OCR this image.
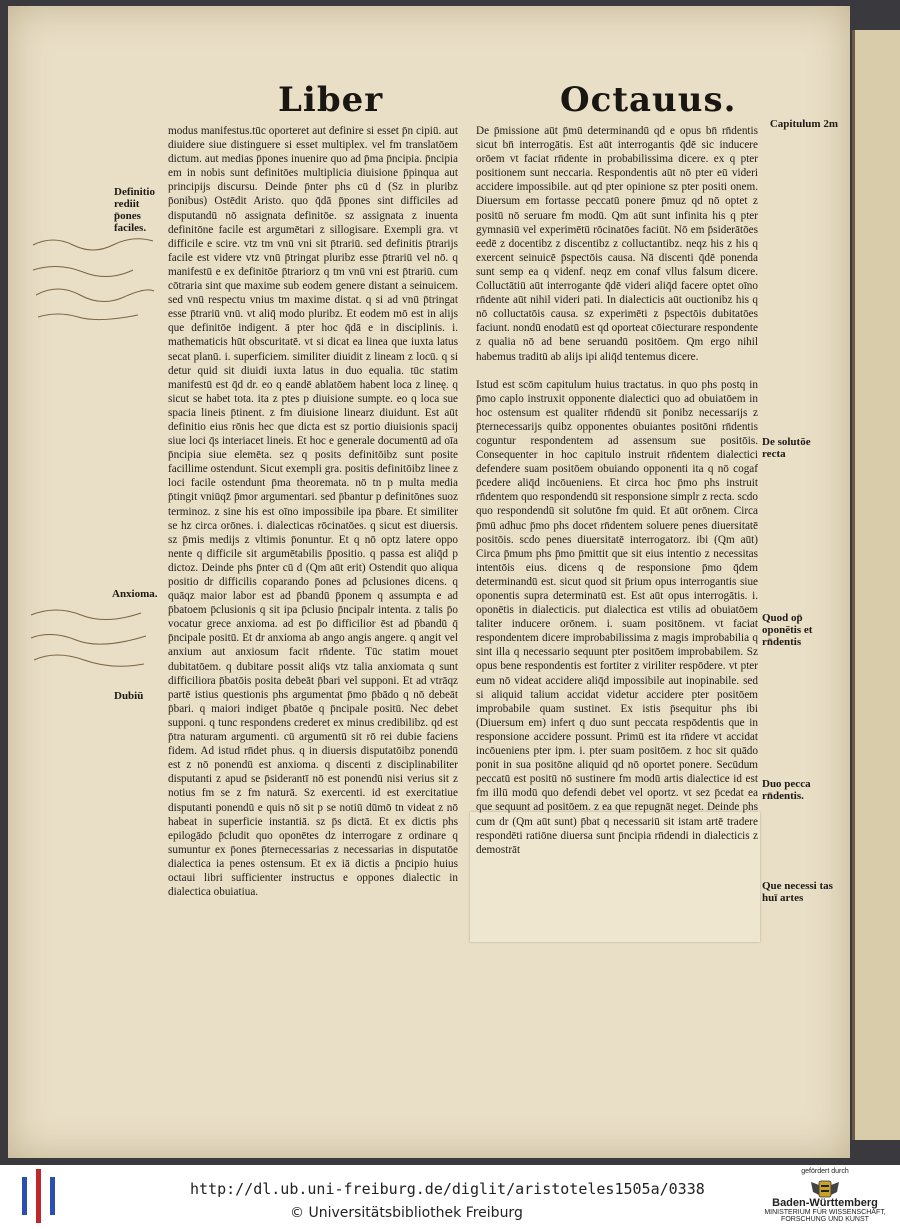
Liber	Octauus.
Capitulum 2m

modus manifestus.tūc oporteret aut definire si esset p̄n cipiū. aut diuidere siue distinguere si esset multiplex. vel fm translatōem dictum. aut medias p̄pones inuenire quo ad p̄ma p̄ncipia. p̄ncipia em in nobis sunt definitōes multiplicia diuisione p̄pinqua aut principijs discursu. Deinde p̄nter phs cū d (Sz in pluribz p̄onibus) Ostēdit Aristo. quo q̄dā p̄pones sint difficiles ad disputandū nō assignata definitōe. sz assignata z inuenta definitōne facile est argumētari z sillogisare. Exempli gra. vt difficile e scire. vtz tm vnū vni sit p̄trariū. sed definitis p̄trarijs facile est videre vtz vnū p̄tringat pluribz esse p̄trariū vel nō. q manifestū e ex definitōe p̄trariorz q tm vnū vni est p̄trariū. cum cōtraria sint que maxime sub eodem genere distant a seinuicem. sed vnū respectu vnius tm maxime distat. q si ad vnū p̄tringat esse p̄trariū vnū. vt aliq̄ modo pluribz. Et eodem mō est in alijs que definitōe indigent. ā pter hoc q̄dā e in disciplinis. i. mathematicis hūt obscuritatē. vt si dicat ea linea que iuxta latus secat planū. i. superficiem. similiter diuidit z lineam z locū. q si detur quid sit diuidi iuxta latus in duo equalia. tūc statim manifestū est q̄d dr. eo q eandē ablatōem habent loca z lineę. q sicut se habet tota. ita z ptes p diuisione sumpte. eo q loca sue spacia lineis p̄tinent. z fm diuisione linearz diuidunt. Est aūt definitio eius rōnis hec que dicta est sz portio diuisionis spacij siue loci q̄s interiacet lineis. Et hoc e generale documentū ad oīa p̄ncipia siue elemēta. sez q posits definitōibz sunt posite facillime ostendunt. Sicut exempli gra. positis definitōibz linee z loci facile ostendunt p̄ma theoremata. nō tn p multa media p̄tingit vniūqz̄ p̄mor argumentari. sed p̄bantur p definitōnes suoz terminoz. z sine his est oīno impossibile ipa p̄bare. Et similiter se hz circa orōnes. i. dialecticas rōcinatōes. q sicut est diuersis. sz p̄mis medijs z vltimis p̄onuntur. Et q nō optz latere oppo nente q difficile sit argumētabilis p̄positio. q passa est aliq̄d p dictoz. Deinde phs p̄nter cū d (Qm aūt erit) Ostendit quo aliqua positio dr difficilis coparando p̄ones ad p̄clusiones dicens. q quāqz maior labor est ad p̄bandū p̄ponem q assumpta e ad p̄batoem p̄clusionis q sit ipa p̄clusio p̄ncipalr intenta. z talis p̄o vocatur grece anxioma. ad est p̄o difficilior ēst ad p̄bandū q̄ p̄ncipale positū. Et dr anxioma ab ango angis angere. q angit vel anxium aut anxiosum facit rn̄dente. Tūc statim mouet dubitatōem. q dubitare possit aliq̄s vtz talia anxiomata q sunt difficiliora p̄batōis posita debeāt p̄bari vel supponi. Et ad vtrāqz partē istius questionis phs argumentat p̄mo p̄bādo q nō debeāt p̄bari. q maiori indiget p̄batōe q p̄ncipale positū. Nec debet supponi. q tunc respondens crederet ex minus credibilibz. qd est p̄tra naturam argumenti. cū argumentū sit rō rei dubie faciens fidem. Ad istud rn̄det phus. q in diuersis disputatōibz ponendū est z nō ponendū est anxioma. q discenti z disciplinabiliter disputanti z apud se p̄siderantī nō est ponendū nisi verius sit z notius fm se z fm naturā. Sz exercenti. id est exercitatiue disputanti ponendū e quis nō sit p se notiū dūmō tn videat z nō habeat in superficie instantiā. sz p̄s dictā. Et ex dictis phs epilogādo p̄cludit quo oponētes dz interrogare z ordinare q sumuntur ex p̄ones p̄ternecessarias z necessarias in disputatōe dialectica ia penes ostensum. Et ex iā dictis a p̄ncipio huius octaui libri sufficienter instructus e oppones dialectic in dialectica obuiatiua.

De p̄missione aūt p̄mū determinandū qd e opus bn̄ rn̄dentis sicut bn̄ interrogātis. Est aūt interrogantis q̄dē sic inducere orōem vt faciat rn̄dente in probabilissima dicere. ex q pter positionem sunt neccaria. Respondentis aūt nō pter eū videri accidere impossibile. aut qd pter opinione sz pter positi onem. Diuersum em fortasse peccatū ponere p̄muz qd nō optet z positū nō seruare fm modū. Qm aūt sunt infinita his q pter gymnasiū vel experimētū rōcinatōes faciūt. Nō em p̄siderātōes eedē z docentibz z discentibz z colluctantibz. neqz his z his q exercent seinuicē p̄spectōis causa. Nā discenti q̄dē ponenda sunt semp ea q videnf. neqz em conaf vllus falsum dicere. Colluctātiū aūt interrogante q̄dē videri aliq̄d facere optet oīno rn̄dente aūt nihil videri pati. In dialecticis aūt ouctionibz his q nō colluctatōis causa. sz experimēti z p̄spectōis dubitatōes faciunt. nondū enodatū est qd oporteat cōiecturare respondente z qualia nō ad bene seruandū positōem. Qm ergo nihil habemus traditū ab alijs ipi aliq̄d tentemus dicere.

Istud est scōm capitulum huius tractatus. in quo phs postq in p̄mo caplo instruxit opponente dialectici quo ad obuiatōem in hoc ostensum est qualiter rn̄dendū sit p̄onibz necessarijs z p̄ternecessarijs quibz opponentes obuiantes positōni rn̄dentis coguntur respondentem ad assensum sue positōis. Consequenter in hoc capitulo instruit rn̄dentem dialectici defendere suam positōem obuiando opponenti ita q nō cogaf p̄cedere aliq̄d incōueniens. Et circa hoc p̄mo phs instruit rn̄dentem quo respondendū sit responsione simplr z recta. scdo quo respondendū sit solutōne fm quid. Et aūt orōnem. Circa p̄mū adhuc p̄mo phs docet rn̄dentem soluere penes diuersitatē positōis. scdo penes diuersitatē interrogatorz. ibi (Qm aūt) Circa p̄mum phs p̄mo p̄mittit que sit eius intentio z necessitas intentōis eius. dicens q de responsione p̄mo q̄dem determinandū est. sicut quod sit p̄rium opus interrogantis siue oponentis supra determinatū est. Est aūt opus interrogātis. i. oponētis in dialecticis. put dialectica est vtilis ad obuiatōem taliter inducere orōnem. i. suam positōnem. vt faciat respondentem dicere improbabilissima z magis improbabilia q sint illa q necessario sequunt pter positōem improbabilem. Sz opus bene respondentis est fortiter z viriliter respōdere. vt pter eum nō videat accidere aliq̄d impossibile aut inopinabile. sed si aliquid talium accidat videtur accidere pter positōem improbabile quam sustinet. Ex istis p̄sequitur phs ibi (Diuersum em) infert q duo sunt peccata respōdentis que in responsione accidere possunt. Primū est ita rn̄dere vt accidat incōueniens pter ipm. i. pter suam positōem. z hoc sit quādo ponit in sua positōne aliquid qd nō oportet ponere. Secūdum peccatū est positū nō sustinere fm modū artis dialectice id est fm illū modū quo defendi debet vel oportz. vt sez p̄cedat ea que sequunt ad positōem. z ea que repugnāt neget. Deinde phs cum dr (Qm aūt sunt) p̄bat q necessariū sit istam artē tradere respondēti ratiōne diuersa sunt p̄ncipia rn̄dendi in dialecticis z demostrāt

Definitio rediit p̄ones faciles.
Anxioma.
Dubiū
De solutōe recta
Quod op̄ oponētis et rn̄dentis
Duo pecca rn̄dentis.
Que necessi tas huī artes
http://dl.ub.uni-freiburg.de/diglit/aristoteles1505a/0338
© Universitätsbibliothek Freiburg
gefördert durch
Baden-Württemberg
MINISTERIUM FÜR WISSENSCHAFT, FORSCHUNG UND KUNST
